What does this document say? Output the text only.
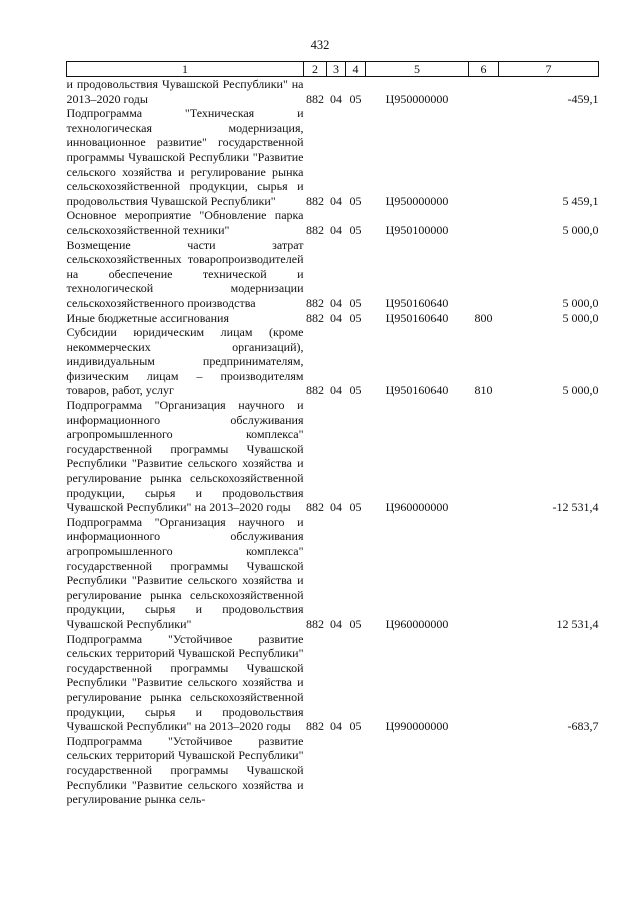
432
1	2	3	4	5	6	7
и продовольствия Чувашской Республики" на 2013–2020 годы	882	04	05	Ц950000000		-459,1
Подпрограмма "Техническая и технологическая модернизация, инновационное развитие" государственной программы Чувашской Республики "Развитие сельского хозяйства и регулирование рынка сельскохозяйственной продукции, сырья и продовольствия Чувашской Республики"	882	04	05	Ц950000000		5 459,1
Основное мероприятие "Обновление парка сельскохозяйственной техники"	882	04	05	Ц950100000		5 000,0
Возмещение части затрат сельскохозяйственных товаропроизводителей на обеспечение технической и технологической модернизации сельскохозяйственного производства	882	04	05	Ц950160640		5 000,0
Иные бюджетные ассигнования	882	04	05	Ц950160640	800	5 000,0
Субсидии юридическим лицам (кроме некоммерческих организаций), индивидуальным предпринимателям, физическим лицам – производителям товаров, работ, услуг	882	04	05	Ц950160640	810	5 000,0
Подпрограмма "Организация научного и информационного обслуживания агропромышленного комплекса" государственной программы Чувашской Республики "Развитие сельского хозяйства и регулирование рынка сельскохозяйственной продукции, сырья и продовольствия Чувашской Республики" на 2013–2020 годы	882	04	05	Ц960000000		-12 531,4
Подпрограмма "Организация научного и информационного обслуживания агропромышленного комплекса" государственной программы Чувашской Республики "Развитие сельского хозяйства и регулирование рынка сельскохозяйственной продукции, сырья и продовольствия Чувашской Республики"	882	04	05	Ц960000000		12 531,4
Подпрограмма "Устойчивое развитие сельских территорий Чувашской Республики" государственной программы Чувашской Республики "Развитие сельского хозяйства и регулирование рынка сельскохозяйственной продукции, сырья и продовольствия Чувашской Республики" на 2013–2020 годы	882	04	05	Ц990000000		-683,7
Подпрограмма "Устойчивое развитие сельских территорий Чувашской Республики" государственной программы Чувашской Республики "Развитие сельского хозяйства и регулирование рынка сель-						
